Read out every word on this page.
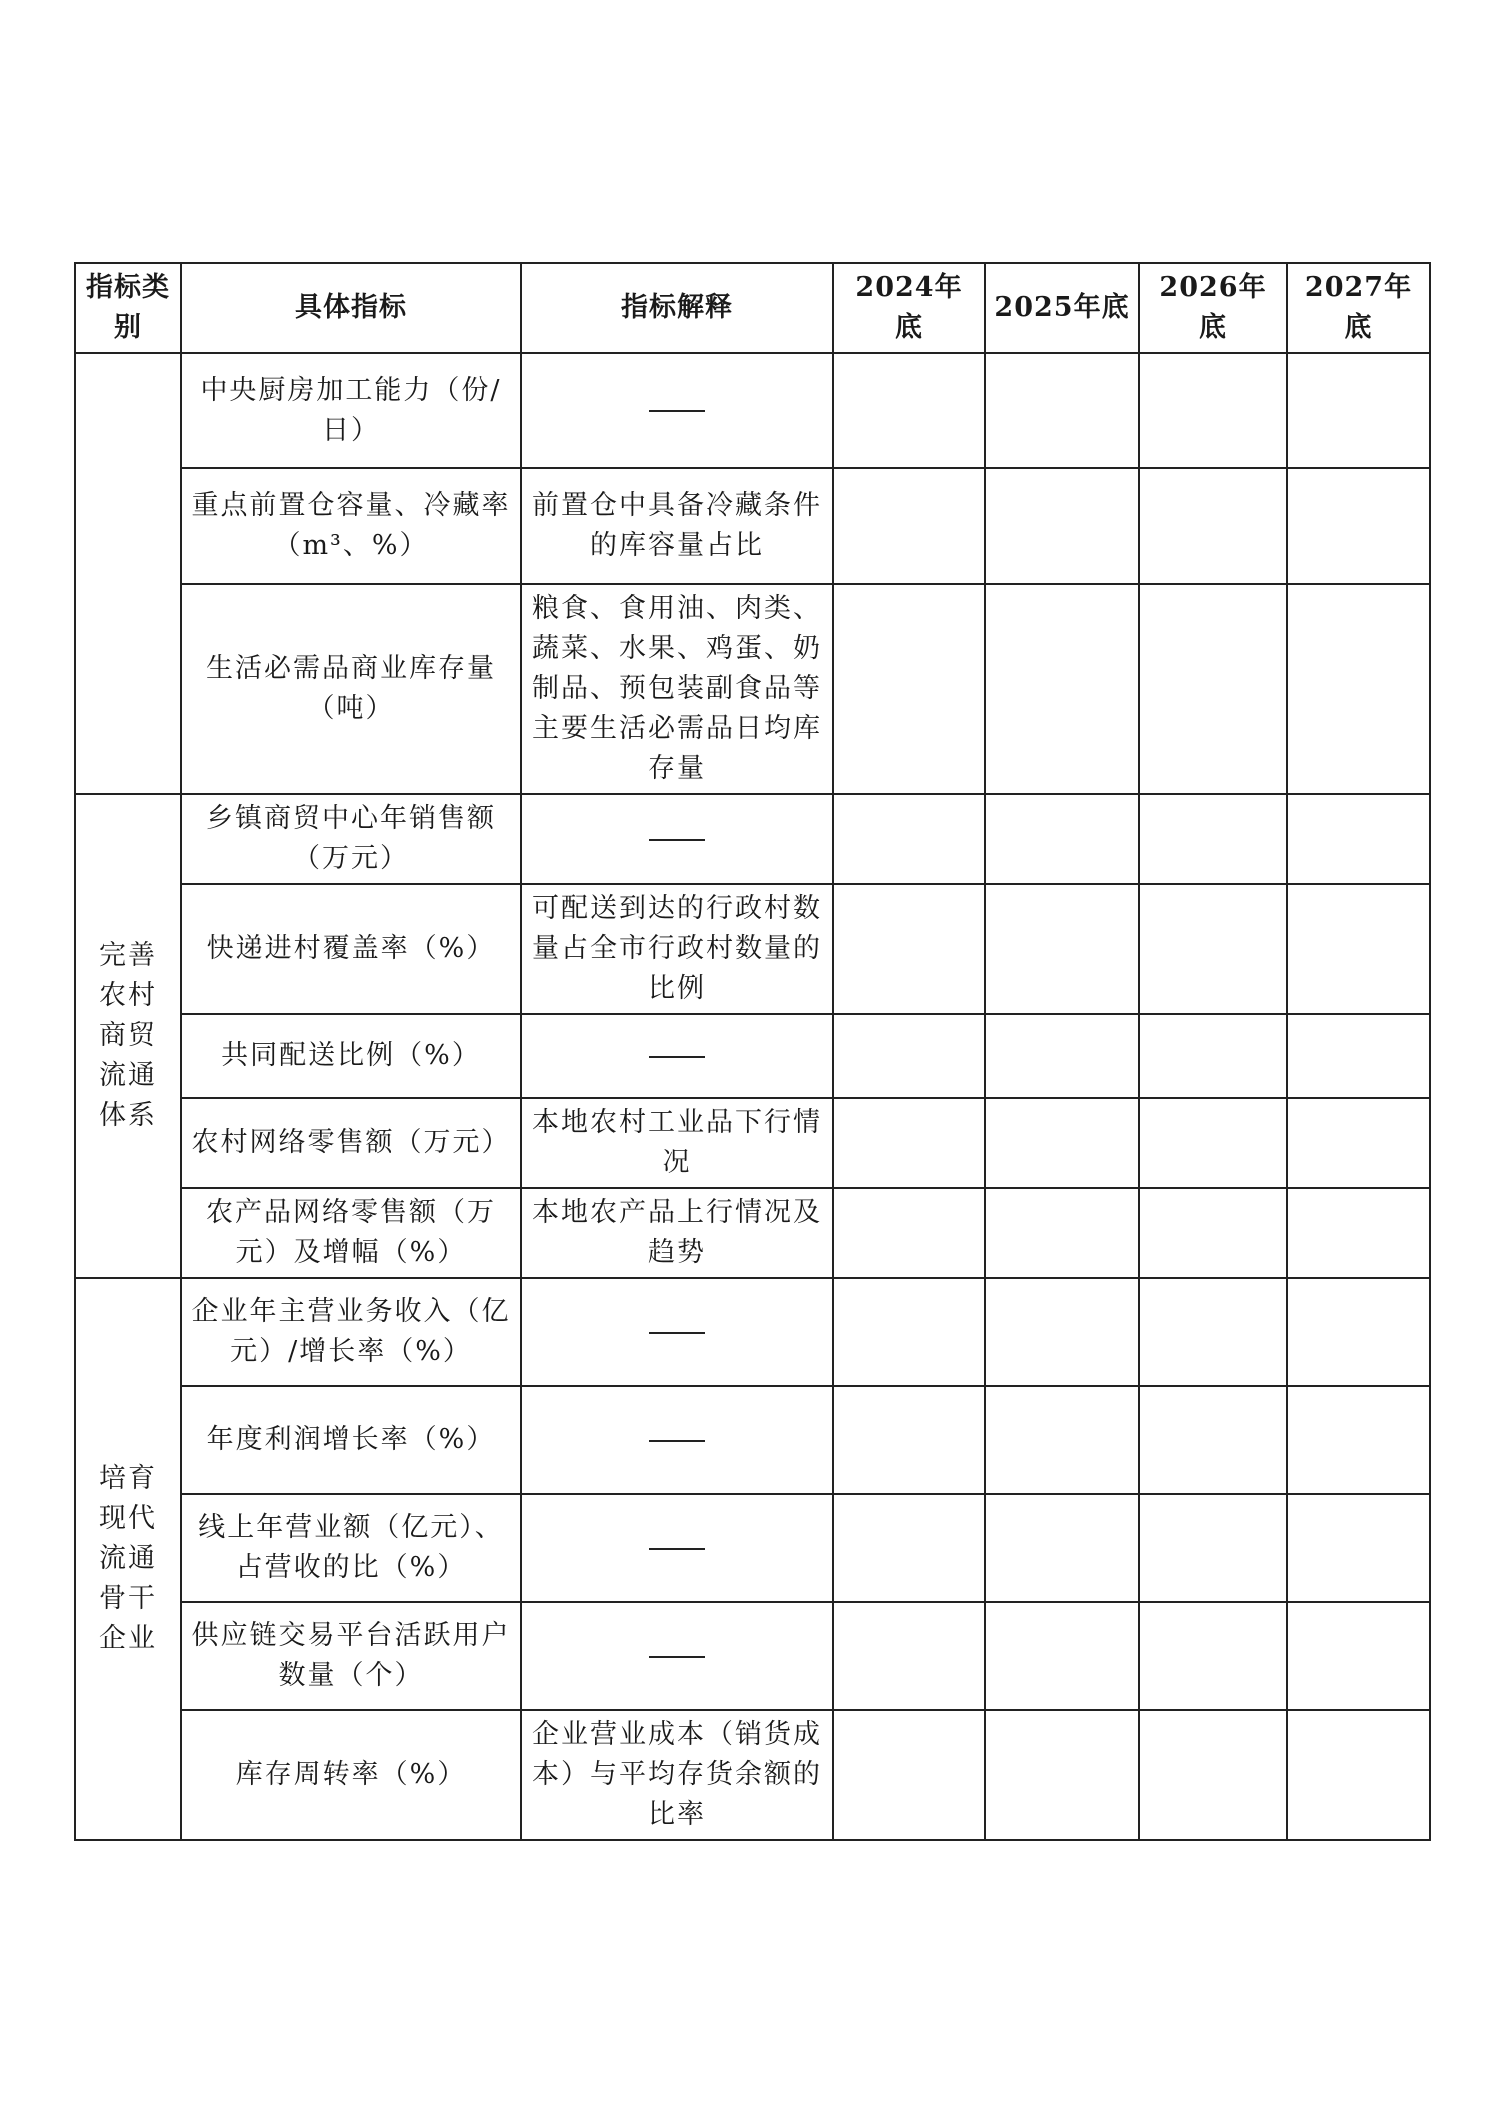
指标类别	具体指标	指标解释	2024年底	2025年底	2026年底	2027年底
	中央厨房加工能力（份/日）					
	重点前置仓容量、冷藏率（m³、%）	前置仓中具备冷藏条件的库容量占比				
	生活必需品商业库存量（吨）	粮食、食用油、肉类、蔬菜、水果、鸡蛋、奶制品、预包装副食品等主要生活必需品日均库存量				
完善农村商贸流通体系	乡镇商贸中心年销售额（万元）					
	快递进村覆盖率（%）	可配送到达的行政村数量占全市行政村数量的比例				
	共同配送比例（%）					
	农村网络零售额（万元）	本地农村工业品下行情况				
	农产品网络零售额（万元）及增幅（%）	本地农产品上行情况及趋势				
培育现代流通骨干企业	企业年主营业务收入（亿元）/增长率（%）					
	年度利润增长率（%）					
	线上年营业额（亿元）、占营收的比（%）					
	供应链交易平台活跃用户数量（个）					
	库存周转率（%）	企业营业成本（销货成本）与平均存货余额的比率				
